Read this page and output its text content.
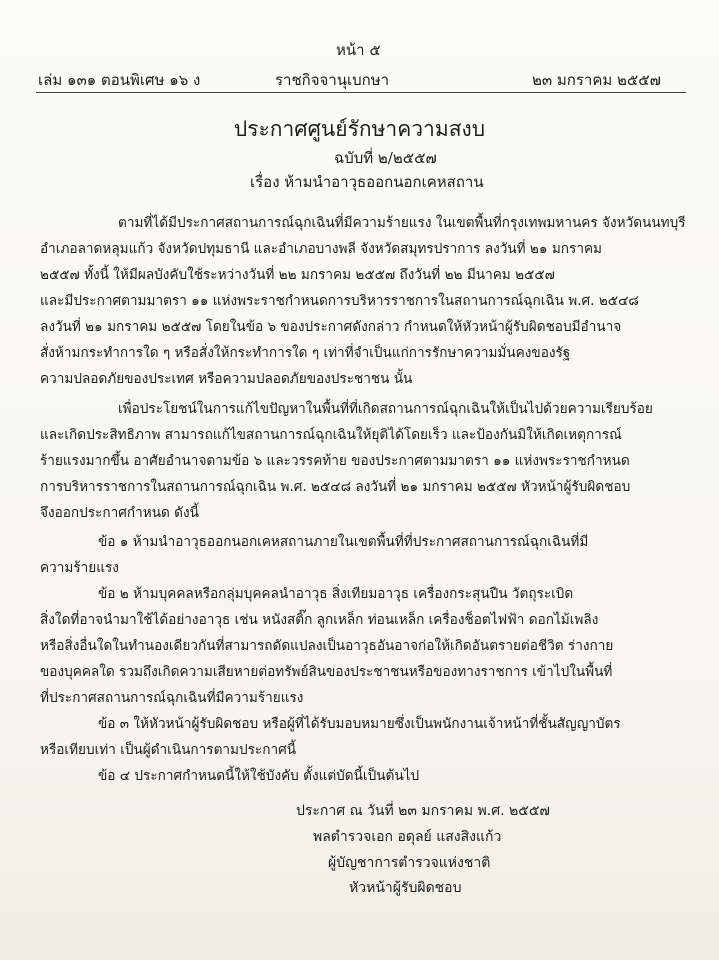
หน้า ๕
เล่ม ๑๓๑ ตอนพิเศษ ๑๖ ง	ราชกิจจานุเบกษา	๒๓ มกราคม ๒๕๕๗
ประกาศศูนย์รักษาความสงบ
ฉบับที่ ๒/๒๕๕๗
เรื่อง ห้ามนำอาวุธออกนอกเคหสถาน
ตามที่ได้มีประกาศสถานการณ์ฉุกเฉินที่มีความร้ายแรง ในเขตพื้นที่กรุงเทพมหานคร จังหวัดนนทบุรี
อำเภอลาดหลุมแก้ว จังหวัดปทุมธานี และอำเภอบางพลี จังหวัดสมุทรปราการ ลงวันที่ ๒๑ มกราคม
๒๕๕๗ ทั้งนี้ ให้มีผลบังคับใช้ระหว่างวันที่ ๒๒ มกราคม ๒๕๕๗ ถึงวันที่ ๒๒ มีนาคม ๒๕๕๗
และมีประกาศตามมาตรา ๑๑ แห่งพระราชกำหนดการบริหารราชการในสถานการณ์ฉุกเฉิน พ.ศ. ๒๕๔๘
ลงวันที่ ๒๑ มกราคม ๒๕๕๗ โดยในข้อ ๖ ของประกาศดังกล่าว กำหนดให้หัวหน้าผู้รับผิดชอบมีอำนาจ
สั่งห้ามกระทำการใด ๆ หรือสั่งให้กระทำการใด ๆ เท่าที่จำเป็นแก่การรักษาความมั่นคงของรัฐ
ความปลอดภัยของประเทศ หรือความปลอดภัยของประชาชน นั้น
เพื่อประโยชน์ในการแก้ไขปัญหาในพื้นที่ที่เกิดสถานการณ์ฉุกเฉินให้เป็นไปด้วยความเรียบร้อย
และเกิดประสิทธิภาพ สามารถแก้ไขสถานการณ์ฉุกเฉินให้ยุติได้โดยเร็ว และป้องกันมิให้เกิดเหตุการณ์
ร้ายแรงมากขึ้น อาศัยอำนาจตามข้อ ๖ และวรรคท้าย ของประกาศตามมาตรา ๑๑ แห่งพระราชกำหนด
การบริหารราชการในสถานการณ์ฉุกเฉิน พ.ศ. ๒๕๔๘ ลงวันที่ ๒๑ มกราคม ๒๕๕๗ หัวหน้าผู้รับผิดชอบ
จึงออกประกาศกำหนด ดังนี้
ข้อ ๑ ห้ามนำอาวุธออกนอกเคหสถานภายในเขตพื้นที่ที่ประกาศสถานการณ์ฉุกเฉินที่มี
ความร้ายแรง
ข้อ ๒ ห้ามบุคคลหรือกลุ่มบุคคลนำอาวุธ สิ่งเทียมอาวุธ เครื่องกระสุนปืน วัตถุระเบิด
สิ่งใดที่อาจนำมาใช้ได้อย่างอาวุธ เช่น หนังสติ๊ก ลูกเหล็ก ท่อนเหล็ก เครื่องช็อตไฟฟ้า ดอกไม้เพลิง
หรือสิ่งอื่นใดในทำนองเดียวกันที่สามารถดัดแปลงเป็นอาวุธอันอาจก่อให้เกิดอันตรายต่อชีวิต ร่างกาย
ของบุคคลใด รวมถึงเกิดความเสียหายต่อทรัพย์สินของประชาชนหรือของทางราชการ เข้าไปในพื้นที่
ที่ประกาศสถานการณ์ฉุกเฉินที่มีความร้ายแรง
ข้อ ๓ ให้หัวหน้าผู้รับผิดชอบ หรือผู้ที่ได้รับมอบหมายซึ่งเป็นพนักงานเจ้าหน้าที่ชั้นสัญญาบัตร
หรือเทียบเท่า เป็นผู้ดำเนินการตามประกาศนี้
ข้อ ๔ ประกาศกำหนดนี้ให้ใช้บังคับ ตั้งแต่บัดนี้เป็นต้นไป
ประกาศ ณ วันที่ ๒๓ มกราคม พ.ศ. ๒๕๕๗
พลตำรวจเอก อดุลย์ แสงสิงแก้ว
ผู้บัญชาการตำรวจแห่งชาติ
หัวหน้าผู้รับผิดชอบ
